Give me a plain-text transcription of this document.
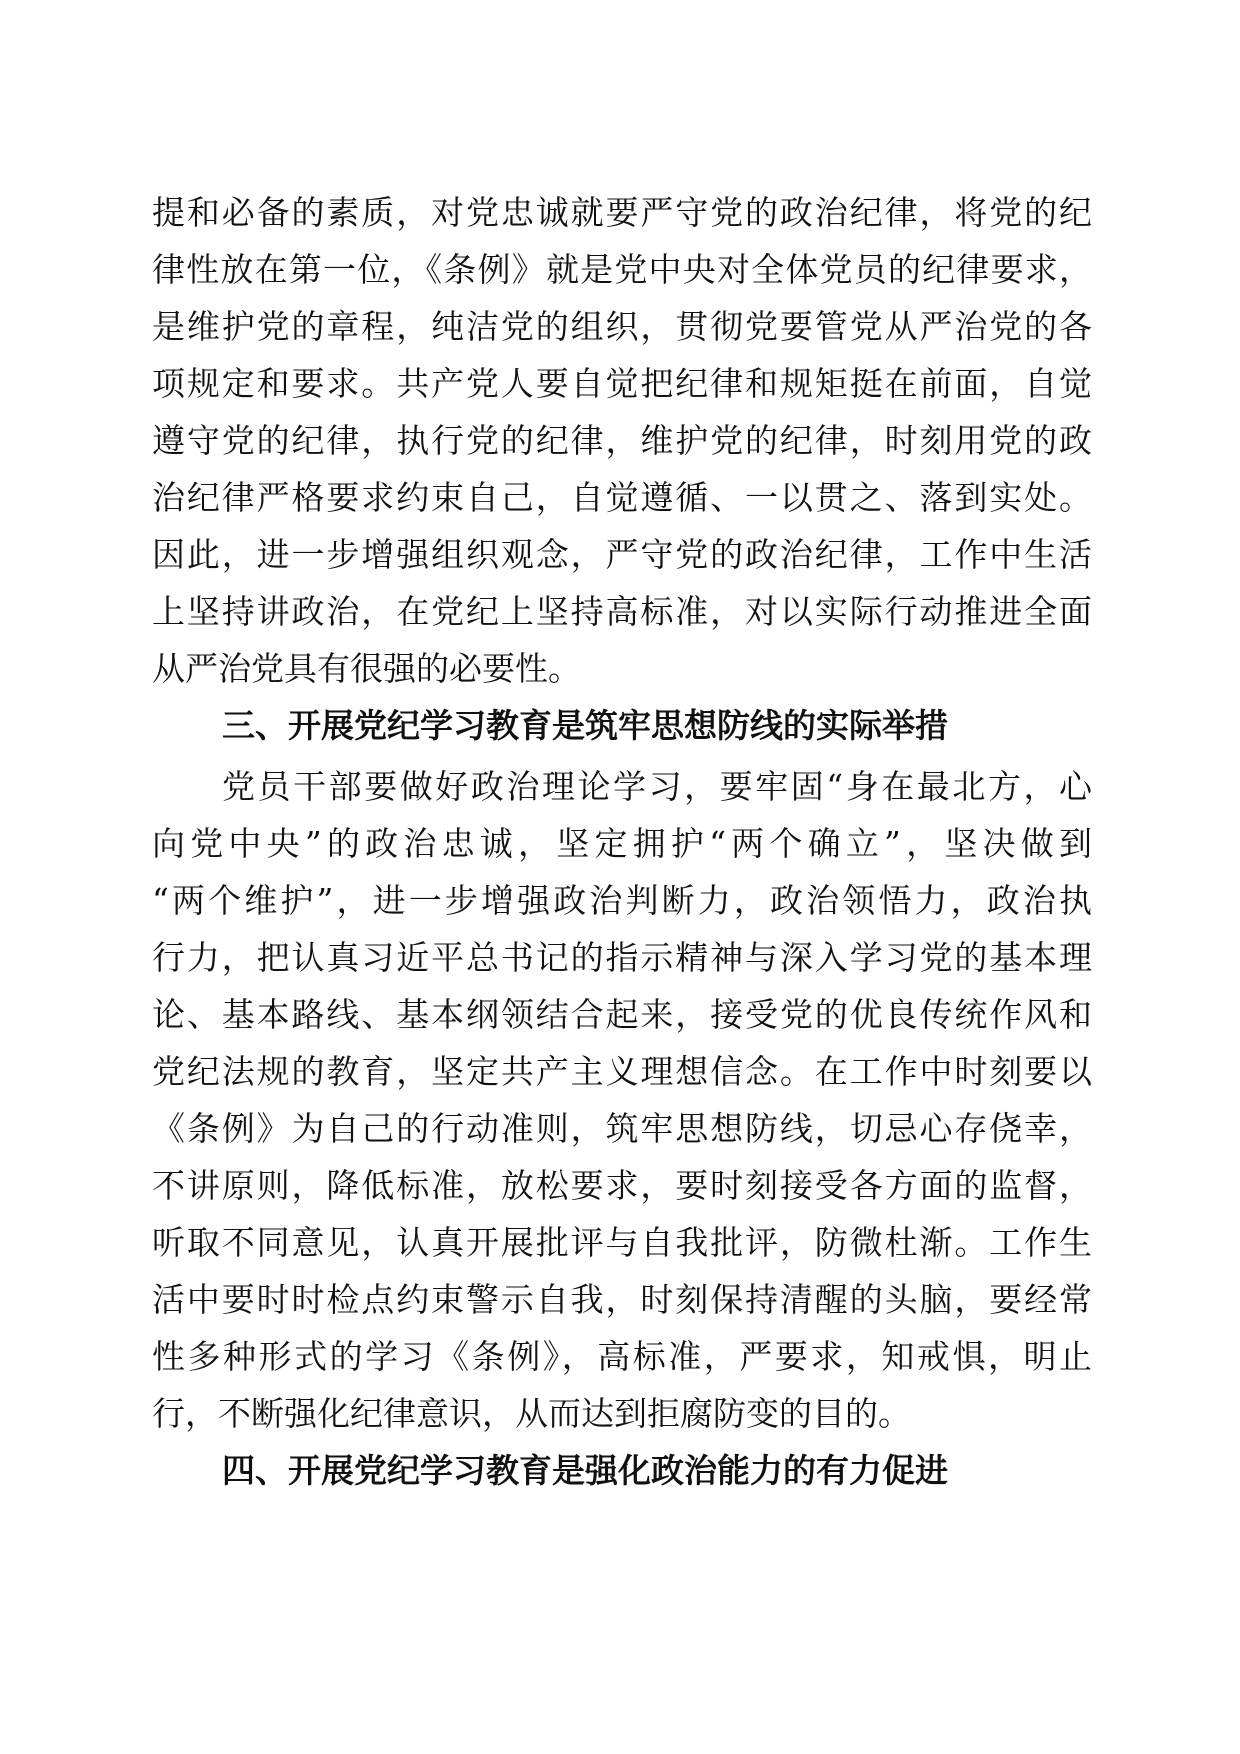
提和必备的素质，对党忠诚就要严守党的政治纪律，将党的纪
律性放在第一位，《条例》就是党中央对全体党员的纪律要求，
是维护党的章程，纯洁党的组织，贯彻党要管党从严治党的各
项规定和要求。共产党人要自觉把纪律和规矩挺在前面，自觉
遵守党的纪律，执行党的纪律，维护党的纪律，时刻用党的政
治纪律严格要求约束自己，自觉遵循、一以贯之、落到实处。
因此，进一步增强组织观念，严守党的政治纪律，工作中生活
上坚持讲政治，在党纪上坚持高标准，对以实际行动推进全面
从严治党具有很强的必要性。
三、开展党纪学习教育是筑牢思想防线的实际举措
党员干部要做好政治理论学习，要牢固“身在最北方，心
向党中央”的政治忠诚，坚定拥护“两个确立”，坚决做到
“两个维护”，进一步增强政治判断力，政治领悟力，政治执
行力，把认真习近平总书记的指示精神与深入学习党的基本理
论、基本路线、基本纲领结合起来，接受党的优良传统作风和
党纪法规的教育，坚定共产主义理想信念。在工作中时刻要以
《条例》为自己的行动准则，筑牢思想防线，切忌心存侥幸，
不讲原则，降低标准，放松要求，要时刻接受各方面的监督，
听取不同意见，认真开展批评与自我批评，防微杜渐。工作生
活中要时时检点约束警示自我，时刻保持清醒的头脑，要经常
性多种形式的学习《条例》，高标准，严要求，知戒惧，明止
行，不断强化纪律意识，从而达到拒腐防变的目的。
四、开展党纪学习教育是强化政治能力的有力促进
